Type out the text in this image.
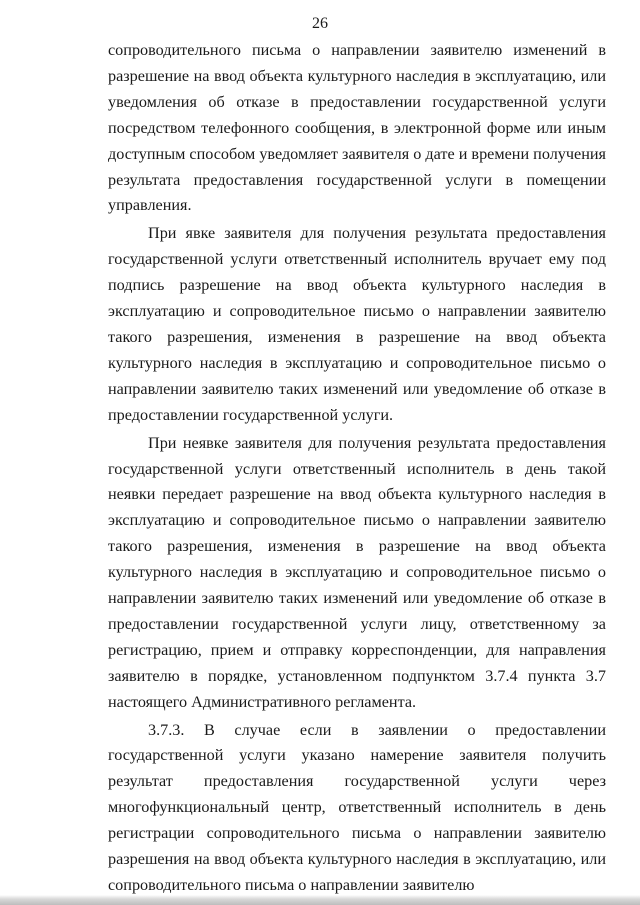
26

сопроводительного письма о направлении заявителю изменений в разрешение на ввод объекта культурного наследия в эксплуатацию, или уведомления об отказе в предоставлении государственной услуги посредством телефонного сообщения, в электронной форме или иным доступным способом уведомляет заявителя о дате и времени получения результата предоставления государственной услуги в помещении управления.

При явке заявителя для получения результата предоставления государственной услуги ответственный исполнитель вручает ему под подпись разрешение на ввод объекта культурного наследия в эксплуатацию и сопроводительное письмо о направлении заявителю такого разрешения, изменения в разрешение на ввод объекта культурного наследия в эксплуатацию и сопроводительное письмо о направлении заявителю таких изменений или уведомление об отказе в предоставлении государственной услуги.

При неявке заявителя для получения результата предоставления государственной услуги ответственный исполнитель в день такой неявки передает разрешение на ввод объекта культурного наследия в эксплуатацию и сопроводительное письмо о направлении заявителю такого разрешения, изменения в разрешение на ввод объекта культурного наследия в эксплуатацию и сопроводительное письмо о направлении заявителю таких изменений или уведомление об отказе в предоставлении государственной услуги лицу, ответственному за регистрацию, прием и отправку корреспонденции, для направления заявителю в порядке, установленном подпунктом 3.7.4 пункта 3.7 настоящего Административного регламента.

3.7.3. В случае если в заявлении о предоставлении государственной услуги указано намерение заявителя получить результат предоставления государственной услуги через многофункциональный центр, ответственный исполнитель в день регистрации сопроводительного письма о направлении заявителю разрешения на ввод объекта культурного наследия в эксплуатацию, или сопроводительного письма о направлении заявителю
